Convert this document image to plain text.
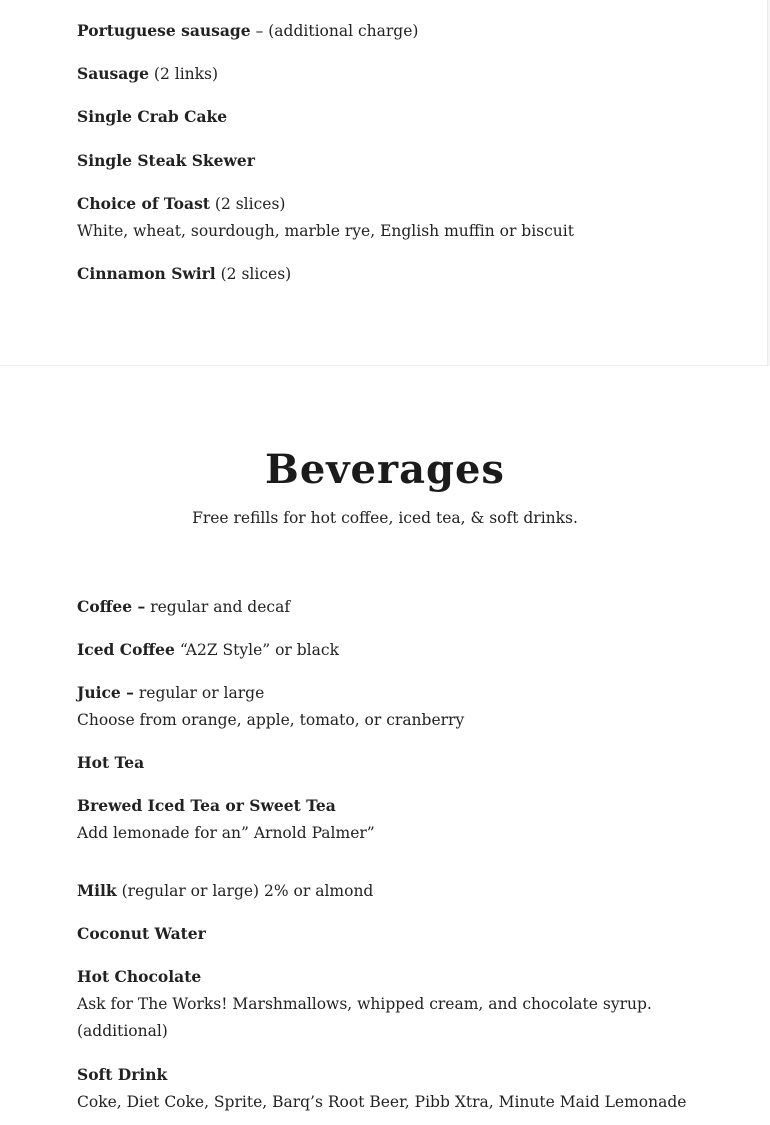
Portuguese sausage – (additional charge)
Sausage (2 links)
Single Crab Cake
Single Steak Skewer
Choice of Toast (2 slices)
White, wheat, sourdough, marble rye, English muffin or biscuit
Cinnamon Swirl (2 slices)
Beverages
Free refills for hot coffee, iced tea, & soft drinks.
Coffee – regular and decaf
Iced Coffee “A2Z Style” or black
Juice – regular or large
Choose from orange, apple, tomato, or cranberry
Hot Tea
Brewed Iced Tea or Sweet Tea
Add lemonade for an” Arnold Palmer”
Milk (regular or large) 2% or almond
Coconut Water
Hot Chocolate
Ask for The Works! Marshmallows, whipped cream, and chocolate syrup.
(additional)
Soft Drink
Coke, Diet Coke, Sprite, Barq’s Root Beer, Pibb Xtra, Minute Maid Lemonade
